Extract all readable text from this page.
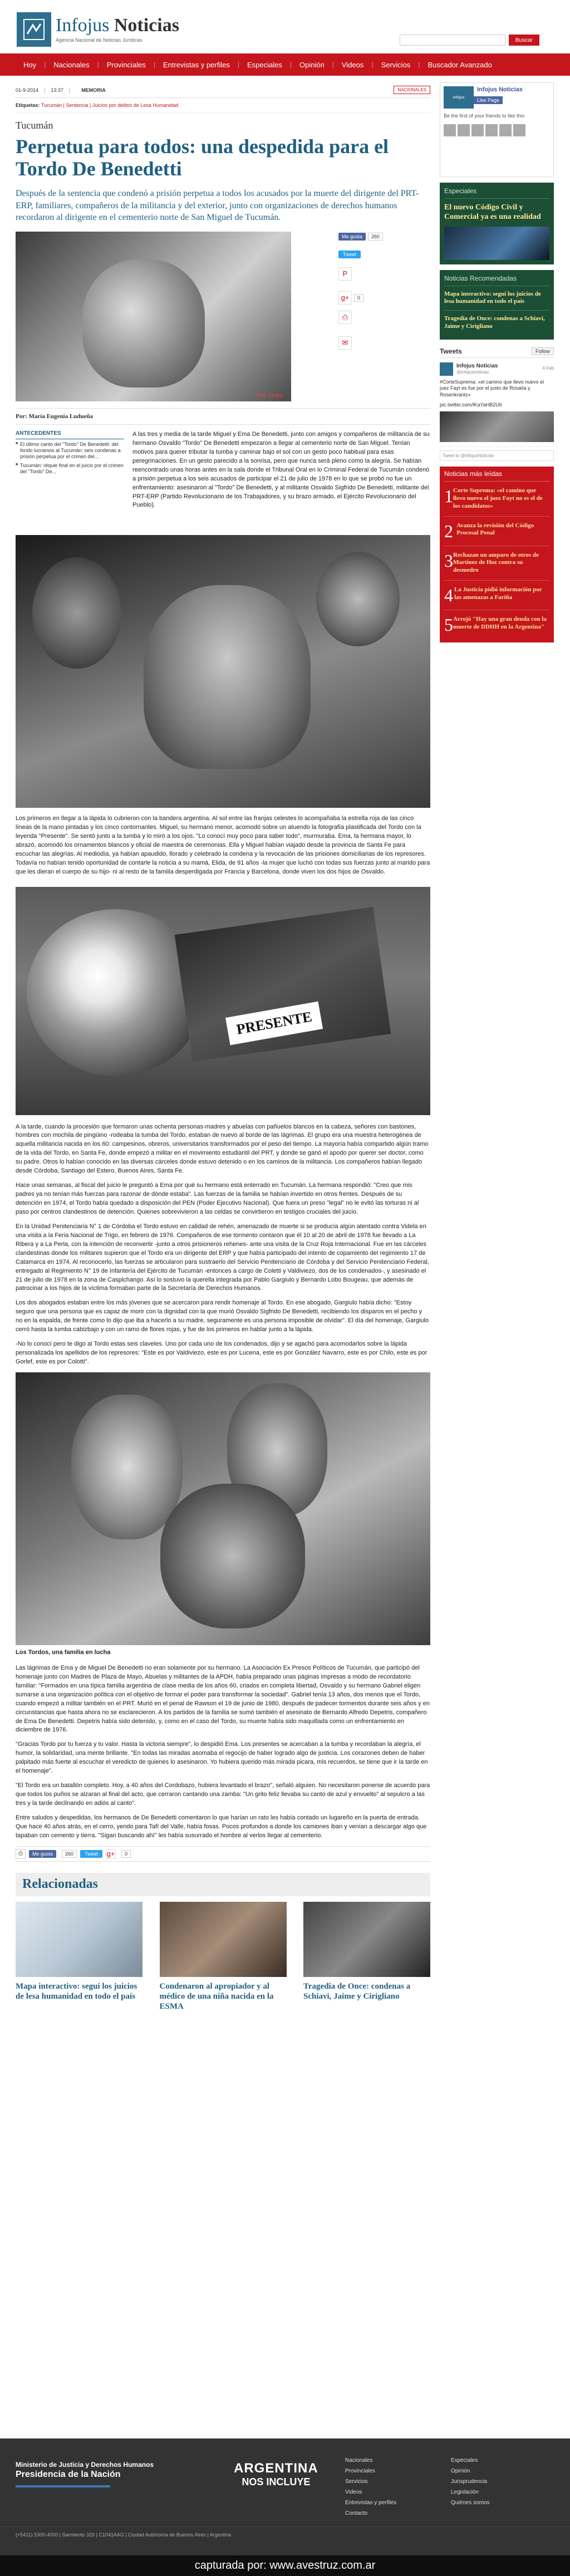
Infojus Noticias
Agencia Nacional de Noticias Jurídicas	Buscar
Hoy	|	Nacionales	|	Provinciales	|	Entrevistas y perfiles	|	Especiales	|	Opinión	|	Videos	|	Servicios	|	Buscador Avanzado
01-9-2014 | 13:37 | MEMORIA	NACIONALES
Etiquetas: Tucumán | Sentencia | Juicios por delitos de Lesa Humanidad
Tucumán
Perpetua para todos: una despedida para el Tordo De Benedetti
Después de la sentencia que condenó a prisión perpetua a todos los acusados por la muerte del dirigente del PRT-ERP, familiares, compañeros de la militancia y del exterior, junto con organizaciones de derechos humanos recordaron al dirigente en el cementerio norte de San Miguel de Tucumán.
Foto: Infojus
Me gusta	260
Tweet
P
g+	0
⎙
✉
Por: María Eugenia Ludueña
ANTECEDENTES
■ El último canto del "Tordo" De Benedetti: del fondo lucramos al Tucumán: seis condenas a prisión perpetua por el crimen del...
■ Tucumán: réquie final en el juicio por el crimen del "Tordo" De...
A las tres y media de la tarde Miguel y Ema De Benedetti, junto con amigos y compañeros de militancia de su hermano Osvaldo "Tordo" De Benedetti empezaron a llegar al cementerio norte de San Miguel. Tenían motivos para querer tributar la tumba y caminar bajo el sol con un gesto poco habitual para esas peregrinaciones. En un gesto parecido a la sonrisa, pero que nunca será pleno como la alegría. Se habían reencontrado unas horas antes en la sala donde el Tribunal Oral en lo Criminal Federal de Tucumán condenó a prisión perpetua a los seis acusados de participar el 21 de julio de 1978 en lo que se probó no fue un enfrentamiento: asesinaron al "Tordo" De Benedetti, y al militante Osvaldo Sigfrido De Benedetti, militante del PRT-ERP (Partido Revolucionario de los Trabajadores, y su brazo armado, el Ejército Revolucionario del Pueblo).

Los primeros en llegar a la lápida lo cubrieron con la bandera argentina. Al sol entre las franjas celestes lo acompañaba la estrella roja de las cinco líneas de la mano pintadas y los cinco contornantes. Miguel, su hermano menor, acomodó sobre un atuendo la fotografía plastificada del Tordo con la leyenda "Presente". Se sentó junto a la tumba y lo miró a los ojos. "Lo conocí muy poco para saber todo", murmuraba. Ema, la hermana mayor, lo abrazó, acomodó los ornamentos blancos y oficial de maestra de ceremonias. Ella y Miguel habían viajado desde la provincia de Santa Fe para escuchar las alegrías. Al mediodía, ya habían apaudido, llorado y celebrado la condena y la revocación de las prisiones domiciliarias de los represores. Todavía no habían tenido oportunidad de contarle la noticia a su mamá, Elida, de 91 años -la mujer que luchó con todas sus fuerzas junto al marido para que les dieran el cuerpo de su hijo- ni al resto de la familia desperdigada por Francia y Barcelona, donde viven los dos hijos de Osvaldo.

PRESENTE

A la tarde, cuando la procesión que formaron unas ochenta personas-madres y abuelas con pañuelos blancos en la cabeza, señores con bastones, hombres con mochila de pingüino -rodeaba la tumba del Tordo, estaban de nuevo al borde de las lágrimas. El grupo era una muestra heterogénea de aquella militancia nacida en los 60: campesinos, obreros, universitarios transformados por el peso del tiempo. La mayoría había compartido algún tramo de la vida del Tordo, en Santa Fe, donde empezó a militar en el movimiento estudiantil del PRT, y donde se ganó el apodo por querer ser doctor, como su padre. Otros lo habían conocido en las diversas cárceles donde estuvo detenido o en los caminos de la militancia. Los compañeros habían llegado desde Córdoba, Santiago del Estero, Buenos Aires, Santa Fe.

Hace unas semanas, al fiscal del juicio le preguntó a Ema por qué su hermano está enterrado en Tucumán. La hermana respondió: "Creo que mis padres ya no tenían más fuerzas para razonar de dónde estaba". Las fuerzas de la familia se habían invertido en otros frentes. Después de su detención en 1974, el Tordo había quedado a disposición del PEN (Poder Ejecutivo Nacional). Que fuera un preso "legal" no le evitó las torturas ni al paso por centros clandestinos de detención. Quienes sobrevivieron a las celdas se convirtieron en testigos cruciales del juicio.

En la Unidad Penitenciaria N° 1 de Córdoba el Tordo estuvo en calidad de rehén, amenazado de muerte si se producía algún atentado contra Videla en una visita a la Feria Nacional de Trigo, en febrero de 1976. Compañeros de ese tormento contaron que él 10 al 20 de abril de 1978 fue llevado a La Ribera y a La Perla, con la intención de reconvertir -junto a otros prisioneros rehenes- ante una visita de la Cruz Roja Internacional. Fue en las cárceles clandestinas donde los militares supieron que el Tordo era un dirigente del ERP y que había participado del intento de copamiento del regimiento 17 de Catamarca en 1974. Al reconocerlo, las fuerzas se articularon para sustraerlo del Servicio Penitenciario de Córdoba y del Servicio Penitenciario Federal, entregado al Regimiento N° 19 de Infantería del Ejército de Tucumán -entonces a cargo de Coletti y Valdiviezo, dos de los condenados-, y asesinado el 21 de julio de 1978 en la zona de Casplchango. Así lo sostuvo la querella integrada por Pablo Gargiulo y Bernardo Lobo Bougeau, que además de patrocinar a los hijos de la víctima formaban parte de la Secretaría de Derechos Humanos.

Los dos abogados estaban entre los más jóvenes que se acercaron para rendir homenaje al Tordo. En ese abogado, Gargiulo había dicho: "Estoy seguro que una persona que es capaz de morir con la dignidad con la que murió Osvaldo Sigfrido De Benedetti, recibiendo los disparos en el pecho y no en la espalda, de frente como lo dijo que iba a hacerlo a su madre, seguramente es una persona imposible de olvidar". El día del homenaje, Gargiulo cerró hasta la tumba cabizbajo y con un ramo de flores rojas, y fue de los primeros en hablar junto a la lápida.

-No lo conocí pero te digo al Tordo estas seis claveles. Uno por cada uno de los condenados, dijo y se agachó para acomodarlos sobre la lápida personalizada los apellidos de los represores: "Este es por Valdiviezo, este es por Lucena, este es por González Navarro, este es por Chilo, este es por Gorlef, este es por Colotti".

Los Tordos, una familia en lucha

Las lágrimas de Ema y de Miguel De Benedetti no eran solamente por su hermano. La Asociación Ex Presos Políticos de Tucumán, que participó del homenaje junto con Madres de Plaza de Mayo, Abuelas y militantes de la APDH, había preparado unas páginas impresas a modo de recordatorio familiar: "Formados en una típica familia argentina de clase media de los años 60, criados en completa libertad, Osvaldo y su hermano Gabriel eligen sumarse a una organización política con el objetivo de formar el poder para transformar la sociedad". Gabriel tenía 13 años, dos menos que el Tordo, cuando empezó a militar también en el PRT. Murió en el penal de Rawson el 19 de junio de 1980, después de padecer tormentos durante seis años y en circunstancias que hasta ahora no se esclarecieron. A los partidos de la familia se sumó también el asesinato de Bernardo Alfredo Depetris, compañero de Ema De Benedetti. Depetris había sido detenido, y, como en el caso del Tordo, su muerte había sido maquillada como un enfrentamiento en diciembre de 1976.

"Gracias Tordo por tu fuerza y tu valor. Hasta la victoria siempre", lo despidió Ema. Los presentes se acercaban a la tumba y recordaban la alegría, el humor, la solidaridad, una mente brillante. "En todas las miradas asomaba el regocijo de haber logrado algo de justicia. Los corazones deben de haber palpitado más fuerte al escuchar el veredicto de quienes lo asesinaron. Yo hubiera querido más mirada picara, mis recuerdos, se tiene que ir la tarde en el homenaje".

"El Tordo era un batallón completo. Hoy, a 40 años del Cordobazo, hubiera levantado el brazo", señaló alguien. No necesitaron ponerse de acuerdo para que todos los puños se alzaran al final del acto, que cerraron cantando una zamba: "Un grito feliz llevaba su canto de azul y envuelto" al sepulcro a las tres y la tarde declinando en adiós al canto".

Entre saludos y despedidas, los hermanos de De Benedetti comentaron lo que harían un rato les había contado un lugareño en la puerta de entrada. Que hace 40 años atrás, en el cerro, yendo para Tafí del Valle, había fosas. Pocos profundos a donde los camiones iban y venían a descargar algo que tapaban con cemento y tierra. "Sigan buscando ahí" les había susurrado el hombre al verlos llegar al cementerio.

⎙	Me gusta	260	Tweet	g+	0
Relacionadas
Mapa interactivo: seguí los juicios de lesa humanidad en todo el país
Condenaron al apropiador y al médico de una niña nacida en la ESMA
Tragedia de Once: condenas a Schiavi, Jaime y Cirigliano
Infojus
Infojus Noticias
Like Page
Be the first of your friends to like this
Especiales
El nuevo Código Civil y Comercial ya es una realidad
Noticias Recomendadas
Mapa interactivo: seguí los juicios de lesa humanidad en todo el país
Tragedia de Once: condenas a Schiavi, Jaime y Cirigliano
Tweets	Follow
Infojus Noticias
@infojusnoticias
4 Feb
#CorteSuprema: «el camino que llevo nuevo el juez Fayt es fue por el justo de Rosalía y Rosenkrantz»
pic.twitter.com/lKaYaHB2Ub
Tweet to @infojusNoticias
Noticias más leídas
1 Corte Suprema: «el camino que llevo nuevo el juez Fayt no es el de los candidatos»
2 Avanza la revisión del Código Procesal Penal
3 Rechazan un amparo de otros de Martínez de Hoz contra su desmedro
4 La Justicia pidió información por las amenazas a Fariña
5 Arrojó "Hay una gran deuda con la muerte de DDHH en la Argentina"
Ministerio de Justicia y Derechos Humanos
Presidencia de la Nación	ARGENTINA
NOS INCLUYE
Nacionales
Provinciales
Servicios
Videos
Entrevistas y perfiles
Contacto
Especiales
Opinión
Jurisprudencia
Legislación
Quiénes somos
(+5411) 5300-4000 | Sarmiento 329 | C1041AAG | Ciudad Autónoma de Buenos Aires | Argentina
capturada por: www.avestruz.com.ar
